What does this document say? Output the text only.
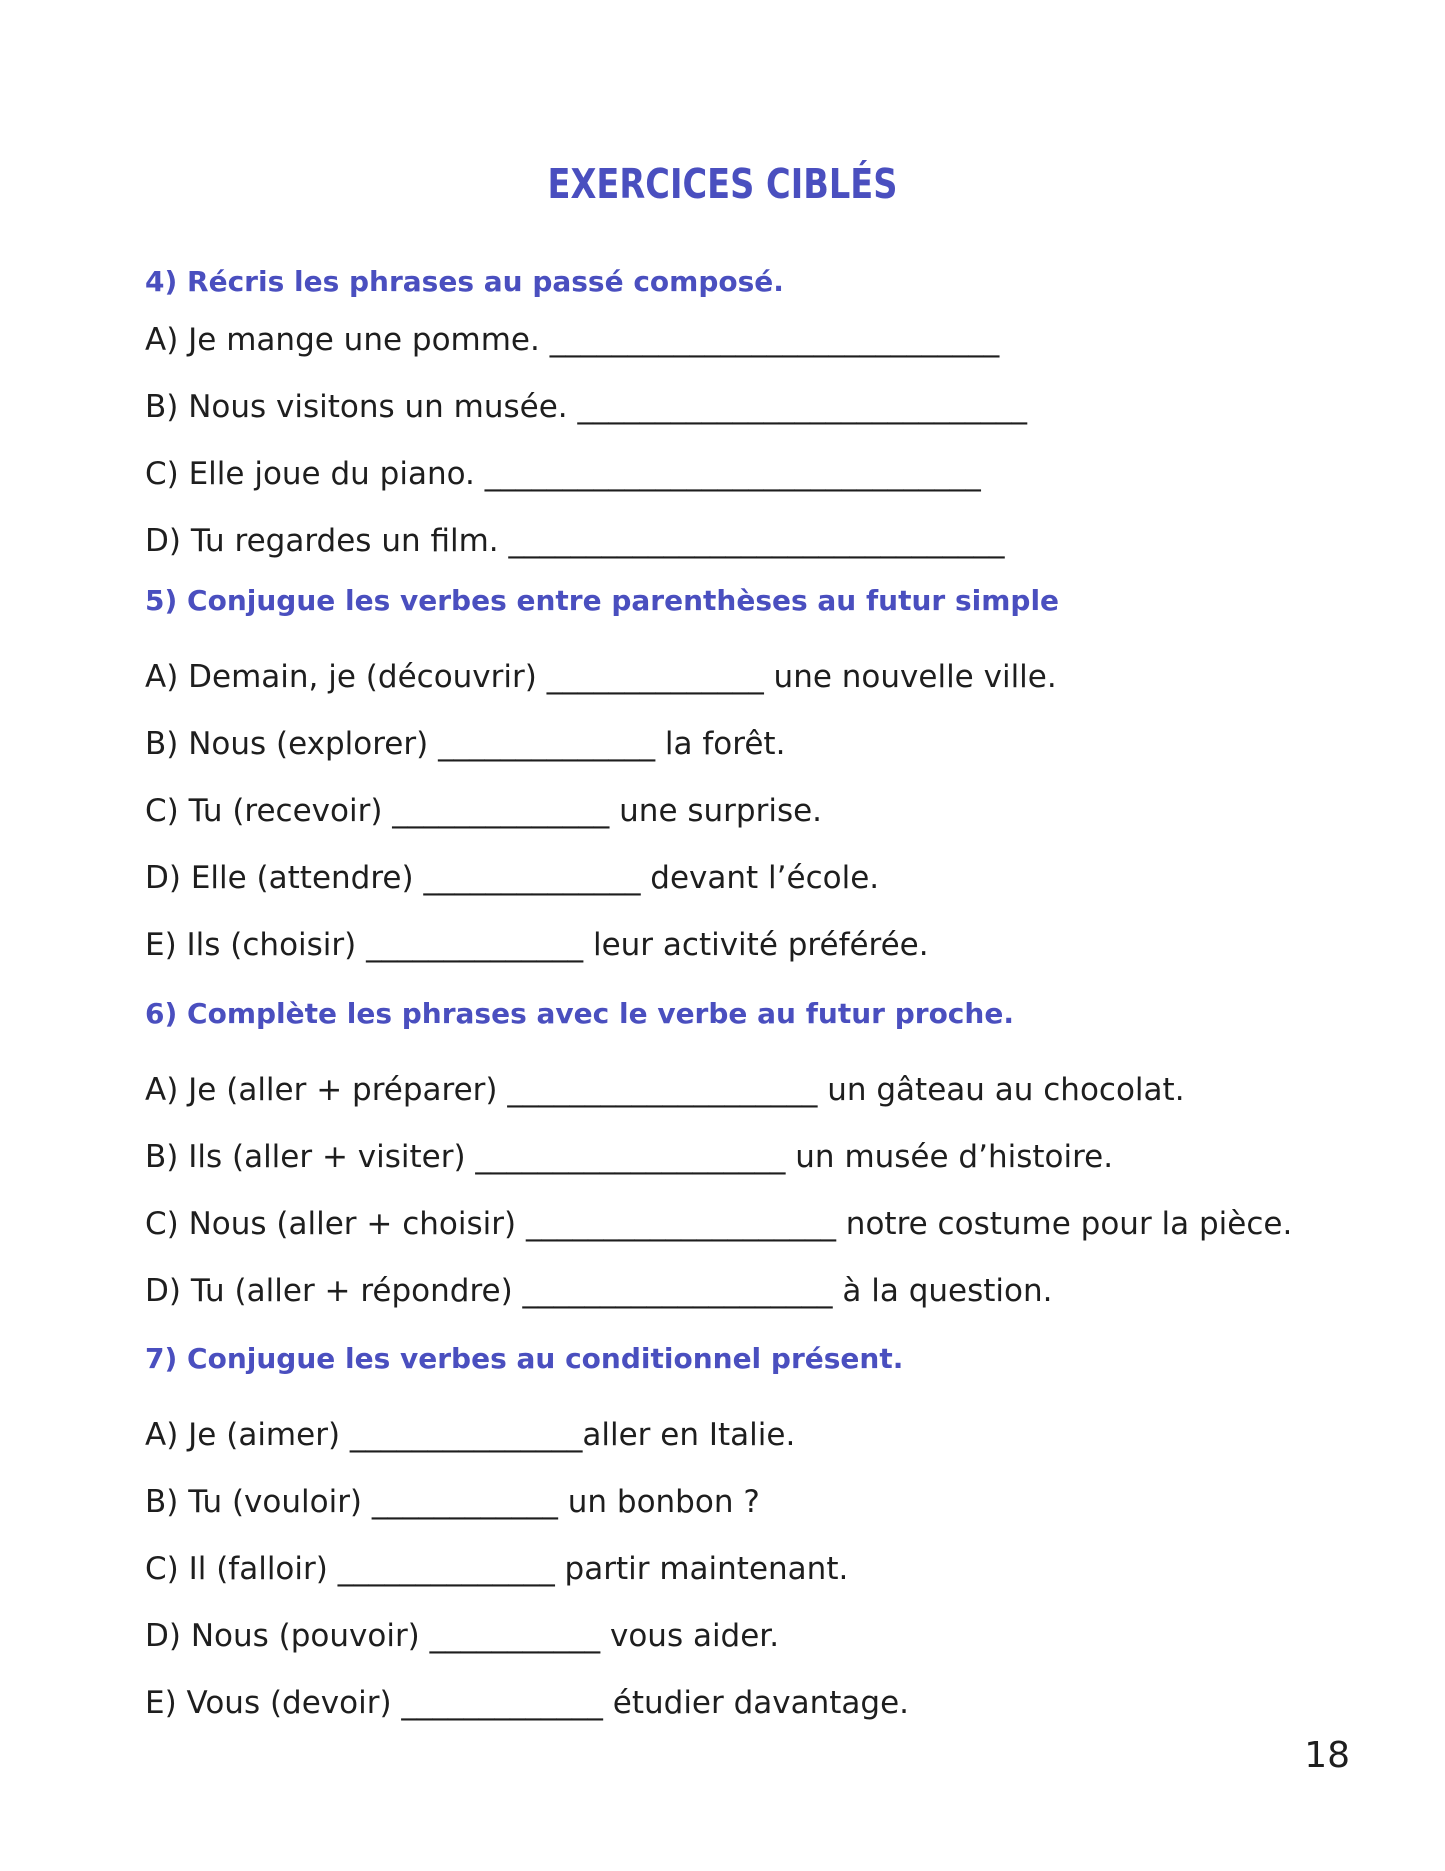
EXERCICES CIBLÉS
4) Récris les phrases au passé composé.
A) Je mange une pomme. _____________________________
B) Nous visitons un musée. _____________________________
C) Elle joue du piano. ________________________________
D) Tu regardes un film. ________________________________
5) Conjugue les verbes entre parenthèses au futur simple
A) Demain, je (découvrir) ______________ une nouvelle ville.
B) Nous (explorer) ______________ la forêt.
C) Tu (recevoir) ______________ une surprise.
D) Elle (attendre) ______________ devant l’école.
E) Ils (choisir) ______________ leur activité préférée.
6) Complète les phrases avec le verbe au futur proche.
A) Je (aller + préparer) ____________________ un gâteau au chocolat.
B) Ils (aller + visiter) ____________________ un musée d’histoire.
C) Nous (aller + choisir) ____________________ notre costume pour la pièce.
D) Tu (aller + répondre) ____________________ à la question.
7) Conjugue les verbes au conditionnel présent.
A) Je (aimer) _______________aller en Italie.
B) Tu (vouloir) ____________ un bonbon ?
C) Il (falloir) ______________ partir maintenant.
D) Nous (pouvoir) ___________ vous aider.
E) Vous (devoir) _____________ étudier davantage.
18
